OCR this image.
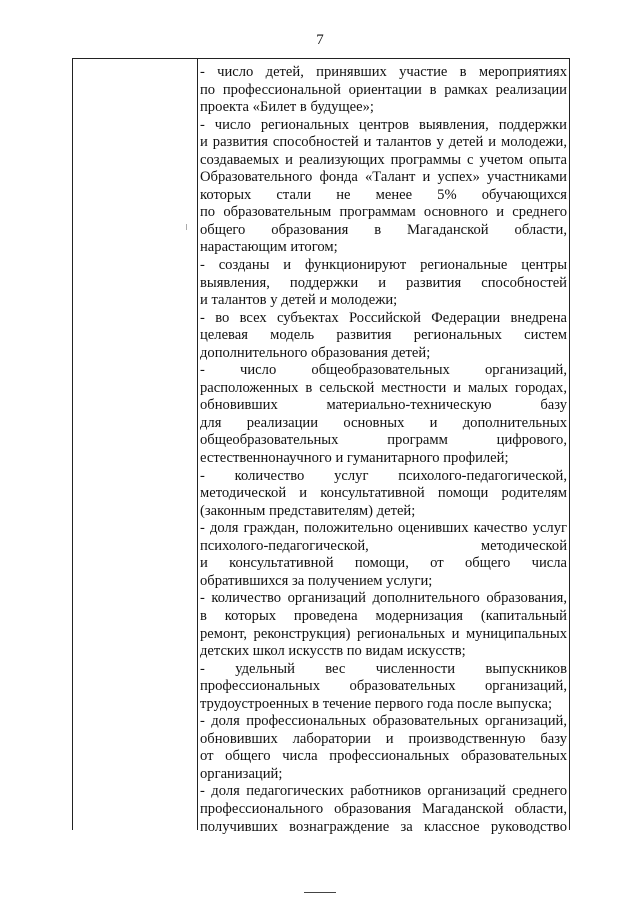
7
- число детей, принявших участие в мероприятиях
по профессиональной ориентации в рамках реализации
проекта «Билет в будущее»;
- число региональных центров выявления, поддержки
и развития способностей и талантов у детей и молодежи,
создаваемых и реализующих программы с учетом опыта
Образовательного фонда «Талант и успех» участниками
которых стали не менее 5% обучающихся
по образовательным программам основного и среднего
общего образования в Магаданской области,
нарастающим итогом;
- созданы и функционируют региональные центры
выявления, поддержки и развития способностей
и талантов у детей и молодежи;
- во всех субъектах Российской Федерации внедрена
целевая модель развития региональных систем
дополнительного образования детей;
- число общеобразовательных организаций,
расположенных в сельской местности и малых городах,
обновивших материально-техническую базу
для реализации основных и дополнительных
общеобразовательных программ цифрового,
естественнонаучного и гуманитарного профилей;
- количество услуг психолого-педагогической,
методической и консультативной помощи родителям
(законным представителям) детей;
- доля граждан, положительно оценивших качество услуг
психолого-педагогической, методической
и консультативной помощи, от общего числа
обратившихся за получением услуги;
- количество организаций дополнительного образования,
в которых проведена модернизация (капитальный
ремонт, реконструкция) региональных и муниципальных
детских школ искусств по видам искусств;
- удельный вес численности выпускников
профессиональных образовательных организаций,
трудоустроенных в течение первого года после выпуска;
- доля профессиональных образовательных организаций,
обновивших лаборатории и производственную базу
от общего числа профессиональных образовательных
организаций;
- доля педагогических работников организаций среднего
профессионального образования Магаданской области,
получивших вознаграждение за классное руководство
